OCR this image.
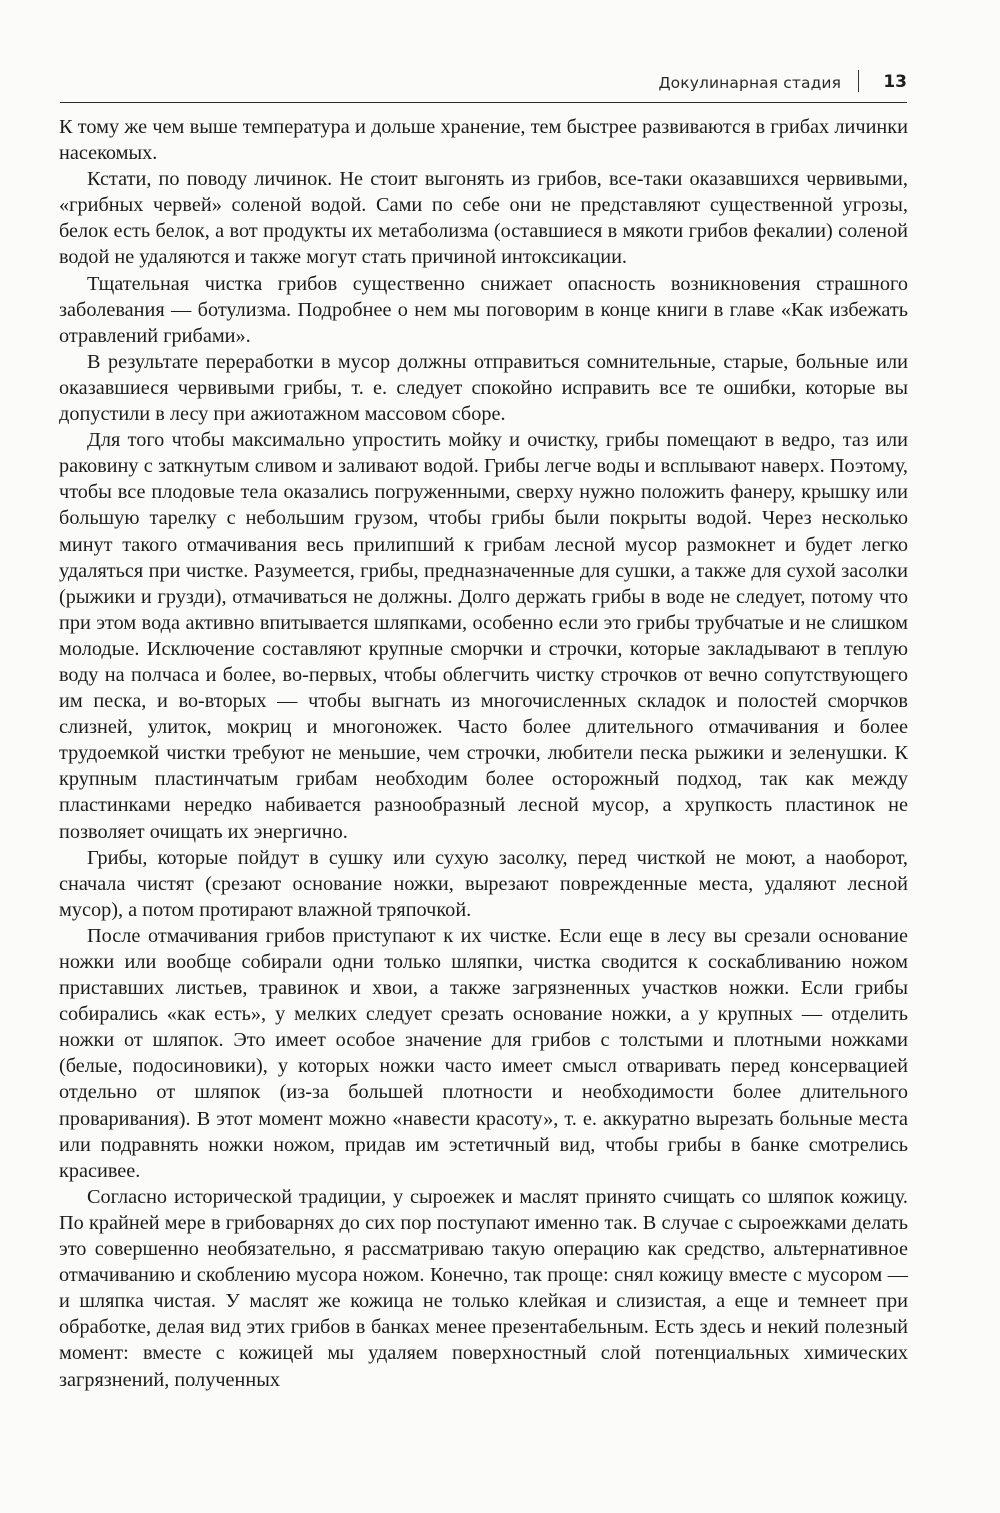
Докулинарная стадия 13

К тому же чем выше температура и дольше хранение, тем быстрее развиваются в грибах личинки насекомых.

Кстати, по поводу личинок. Не стоит выгонять из грибов, все-таки оказавшихся червивыми, «грибных червей» соленой водой. Сами по себе они не представляют существенной угрозы, белок есть белок, а вот продукты их метаболизма (оставшиеся в мякоти грибов фекалии) соленой водой не удаляются и также могут стать причиной интоксикации.

Тщательная чистка грибов существенно снижает опасность возникновения страшного заболевания — ботулизма. Подробнее о нем мы поговорим в конце книги в главе «Как избежать отравлений грибами».

В результате переработки в мусор должны отправиться сомнительные, старые, больные или оказавшиеся червивыми грибы, т. е. следует спокойно исправить все те ошибки, которые вы допустили в лесу при ажиотажном массовом сборе.

Для того чтобы максимально упростить мойку и очистку, грибы помещают в ведро, таз или раковину с заткнутым сливом и заливают водой. Грибы легче воды и всплывают наверх. Поэтому, чтобы все плодовые тела оказались погруженными, сверху нужно положить фанеру, крышку или большую тарелку с небольшим грузом, чтобы грибы были покрыты водой. Через несколько минут такого отмачивания весь прилипший к грибам лесной мусор размокнет и будет легко удаляться при чистке. Разумеется, грибы, предназначенные для сушки, а также для сухой засолки (рыжики и грузди), отмачиваться не должны. Долго держать грибы в воде не следует, потому что при этом вода активно впитывается шляпками, особенно если это грибы трубчатые и не слишком молодые. Исключение составляют крупные сморчки и строчки, которые закладывают в теплую воду на полчаса и более, во-первых, чтобы облегчить чистку строчков от вечно сопутствующего им песка, и во-вторых — чтобы выгнать из многочисленных складок и полостей сморчков слизней, улиток, мокриц и многоножек. Часто более длительного отмачивания и более трудоемкой чистки требуют не меньшие, чем строчки, любители песка рыжики и зеленушки. К крупным пластинчатым грибам необходим более осторожный подход, так как между пластинками нередко набивается разнообразный лесной мусор, а хрупкость пластинок не позволяет очищать их энергично.

Грибы, которые пойдут в сушку или сухую засолку, перед чисткой не моют, а наоборот, сначала чистят (срезают основание ножки, вырезают поврежденные места, удаляют лесной мусор), а потом протирают влажной тряпочкой.

После отмачивания грибов приступают к их чистке. Если еще в лесу вы срезали основание ножки или вообще собирали одни только шляпки, чистка сводится к соскабливанию ножом приставших листьев, травинок и хвои, а также загрязненных участков ножки. Если грибы собирались «как есть», у мелких следует срезать основание ножки, а у крупных — отделить ножки от шляпок. Это имеет особое значение для грибов с толстыми и плотными ножками (белые, подосиновики), у которых ножки часто имеет смысл отваривать перед консервацией отдельно от шляпок (из-за большей плотности и необходимости более длительного проваривания). В этот момент можно «навести красоту», т. е. аккуратно вырезать больные места или подравнять ножки ножом, придав им эстетичный вид, чтобы грибы в банке смотрелись красивее.

Согласно исторической традиции, у сыроежек и маслят принято счищать со шляпок кожицу. По крайней мере в грибоварнях до сих пор поступают именно так. В случае с сыроежками делать это совершенно необязательно, я рассматриваю такую операцию как средство, альтернативное отмачиванию и скоблению мусора ножом. Конечно, так проще: снял кожицу вместе с мусором — и шляпка чистая. У маслят же кожица не только клейкая и слизистая, а еще и темнеет при обработке, делая вид этих грибов в банках менее презентабельным. Есть здесь и некий полезный момент: вместе с кожицей мы удаляем поверхностный слой потенциальных химических загрязнений, полученных
